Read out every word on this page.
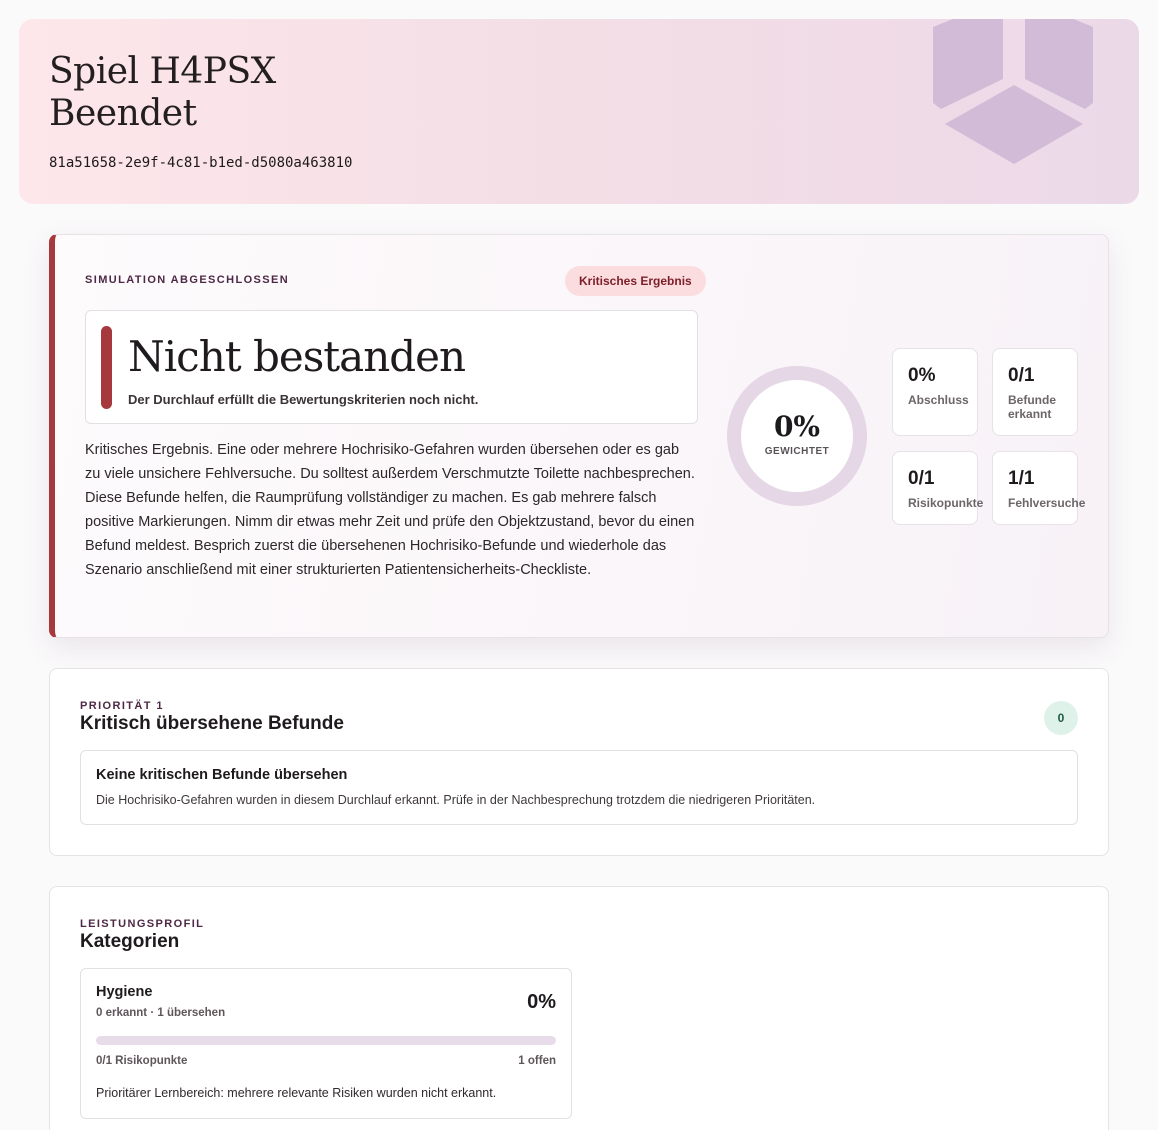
Spiel H4PSX
Beendet
81a51658-2e9f-4c81-b1ed-d5080a463810
SIMULATION ABGESCHLOSSEN	Kritisches Ergebnis
Nicht bestanden
Der Durchlauf erfüllt die Bewertungskriterien noch nicht.

Kritisches Ergebnis. Eine oder mehrere Hochrisiko-Gefahren wurden übersehen oder es gab zu viele unsichere Fehlversuche. Du solltest außerdem Verschmutzte Toilette nachbesprechen. Diese Befunde helfen, die Raumprüfung vollständiger zu machen. Es gab mehrere falsch positive Markierungen. Nimm dir etwas mehr Zeit und prüfe den Objektzustand, bevor du einen Befund meldest. Besprich zuerst die übersehenen Hochrisiko-Befunde und wiederhole das Szenario anschließend mit einer strukturierten Patientensicherheits-Checkliste.

0%
GEWICHTET
0%
Abschluss
0/1
Befunde
erkannt
0/1
Risikopunkte
1/1
Fehlversuche
PRIORITÄT 1
Kritisch übersehene Befunde	0
Keine kritischen Befunde übersehen
Die Hochrisiko-Gefahren wurden in diesem Durchlauf erkannt. Prüfe in der Nachbesprechung trotzdem die niedrigeren Prioritäten.
LEISTUNGSPROFIL
Kategorien
Hygiene
0 erkannt · 1 übersehen	0%
0/1 Risikopunkte	1 offen
Prioritärer Lernbereich: mehrere relevante Risiken wurden nicht erkannt.
